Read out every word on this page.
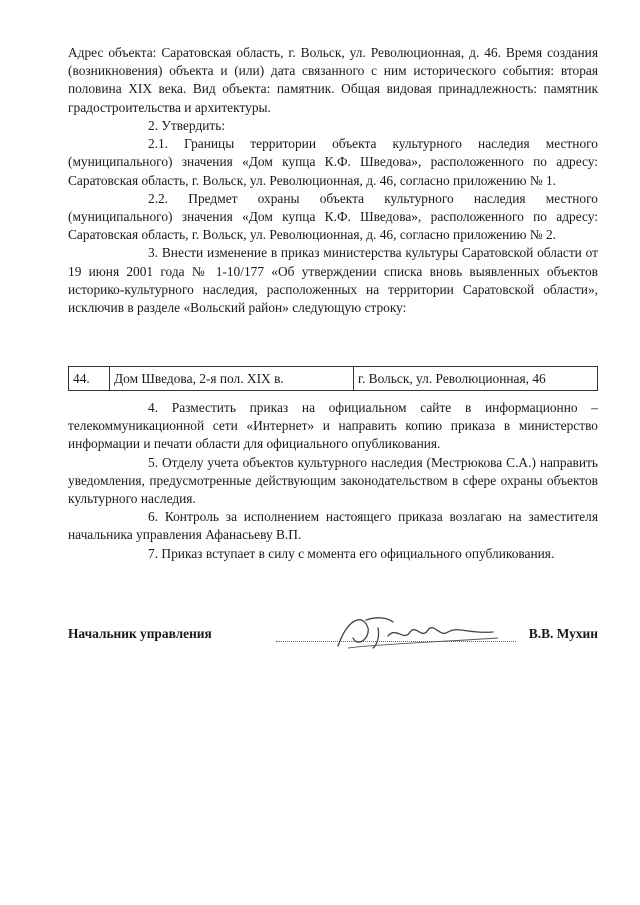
Адрес объекта: Саратовская область, г. Вольск, ул. Революционная, д. 46. Время создания (возникновения) объекта и (или) дата связанного с ним исторического события: вторая половина XIX века. Вид объекта: памятник. Общая видовая принадлежность: памятник градостроительства и архитектуры.

2. Утвердить:

2.1. Границы территории объекта культурного наследия местного (муниципального) значения «Дом купца К.Ф. Шведова», расположенного по адресу: Саратовская область, г. Вольск, ул. Революционная, д. 46, согласно приложению № 1.

2.2. Предмет охраны объекта культурного наследия местного (муниципального) значения «Дом купца К.Ф. Шведова», расположенного по адресу: Саратовская область, г. Вольск, ул. Революционная, д. 46, согласно приложению № 2.

3. Внести изменение в приказ министерства культуры Саратовской области от 19 июня 2001 года № 1-10/177 «Об утверждении списка вновь выявленных объектов историко-культурного наследия, расположенных на территории Саратовской области», исключив в разделе «Вольский район» следующую строку:

44.	Дом Шведова, 2-я пол. XIX в.	г. Вольск, ул. Революционная, 46

4. Разместить приказ на официальном сайте в информационно – телекоммуникационной сети «Интернет» и направить копию приказа в министерство информации и печати области для официального опубликования.

5. Отделу учета объектов культурного наследия (Местрюкова С.А.) направить уведомления, предусмотренные действующим законодательством в сфере охраны объектов культурного наследия.

6. Контроль за исполнением настоящего приказа возлагаю на заместителя начальника управления Афанасьеву В.П.

7. Приказ вступает в силу с момента его официального опубликования.

Начальник управления	В.В. Мухин
